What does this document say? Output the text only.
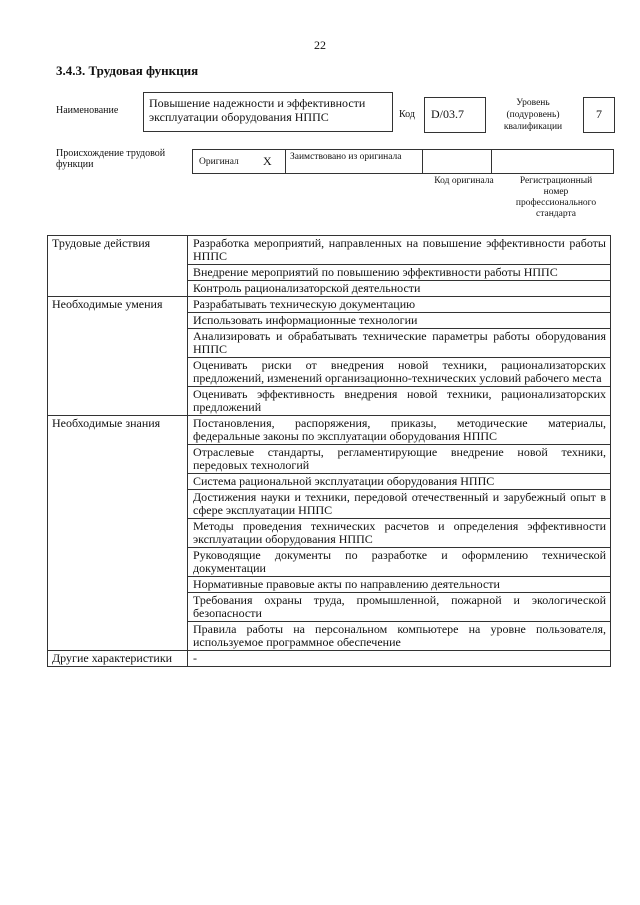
22
3.4.3. Трудовая функция
Наименование
Повышение надежности и эффективности эксплуатации оборудования НППС	Код	D/03.7
Уровень (подуровень) квалификации
7
Происхождение трудовой функции	Оригинал X Заимствовано из оригинала
Код оригинала	Регистрационный номер профессионального стандарта
Трудовые действия	Разработка мероприятий, направленных на повышение эффективности работы НППС
	Внедрение мероприятий по повышению эффективности работы НППС
	Контроль рационализаторской деятельности
Необходимые умения	Разрабатывать техническую документацию
	Использовать информационные технологии
	Анализировать и обрабатывать технические параметры работы оборудования НППС
	Оценивать риски от внедрения новой техники, рационализаторских предложений, изменений организационно-технических условий рабочего места
	Оценивать эффективность внедрения новой техники, рационализаторских предложений
Необходимые знания	Постановления, распоряжения, приказы, методические материалы, федеральные законы по эксплуатации оборудования НППС
	Отраслевые стандарты, регламентирующие внедрение новой техники, передовых технологий
	Система рациональной эксплуатации оборудования НППС
	Достижения науки и техники, передовой отечественный и зарубежный опыт в сфере эксплуатации НППС
	Методы проведения технических расчетов и определения эффективности эксплуатации оборудования НППС
	Руководящие документы по разработке и оформлению технической документации
	Нормативные правовые акты по направлению деятельности
	Требования охраны труда, промышленной, пожарной и экологической безопасности
	Правила работы на персональном компьютере на уровне пользователя, используемое программное обеспечение
Другие характеристики	-
